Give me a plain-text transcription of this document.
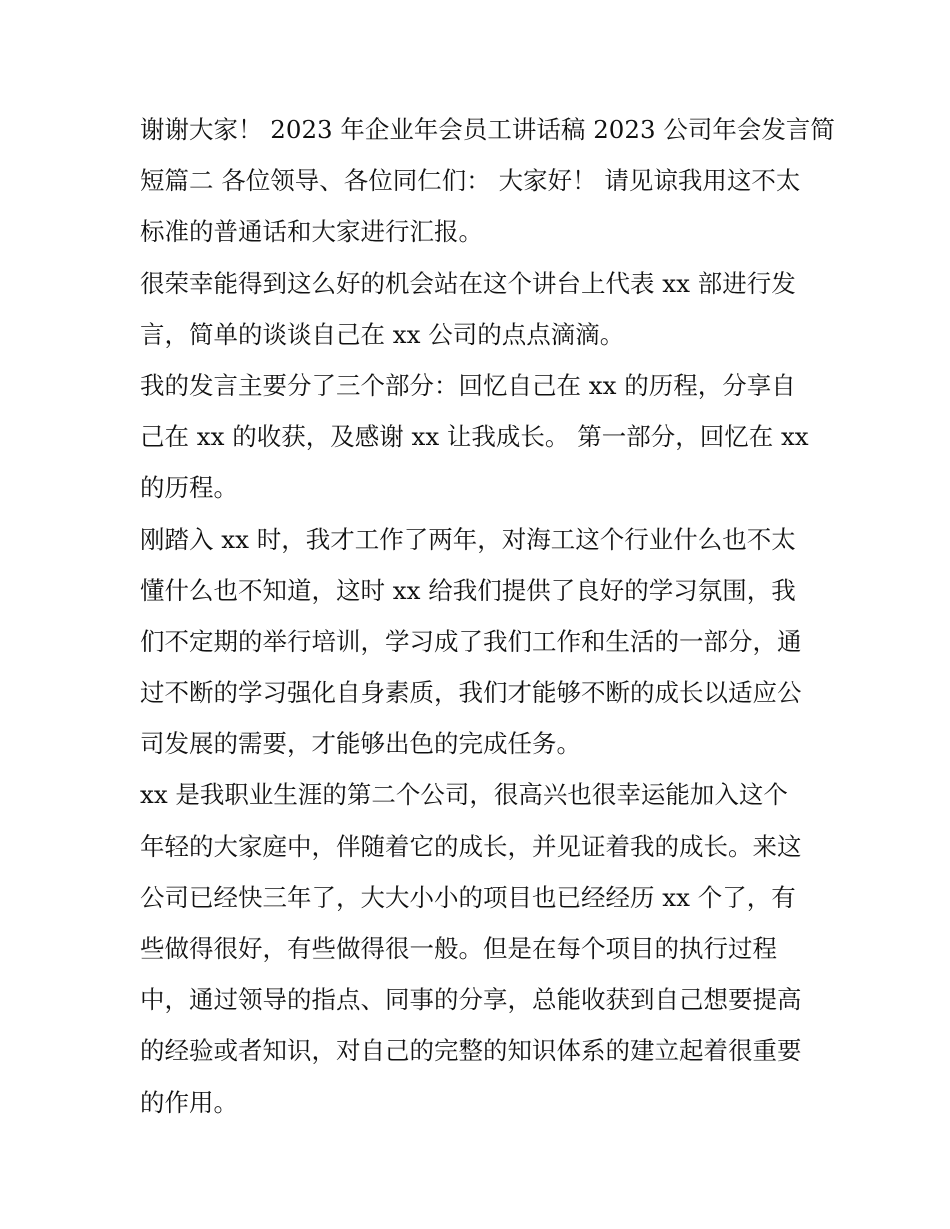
谢谢大家！ 2023 年企业年会员工讲话稿 2023 公司年会发言简
短篇二 各位领导、各位同仁们： 大家好！ 请见谅我用这不太
标准的普通话和大家进行汇报。

很荣幸能得到这么好的机会站在这个讲台上代表 xx 部进行发
言，简单的谈谈自己在 xx 公司的点点滴滴。

我的发言主要分了三个部分：回忆自己在 xx 的历程，分享自
己在 xx 的收获，及感谢 xx 让我成长。 第一部分，回忆在 xx
的历程。

刚踏入 xx 时，我才工作了两年，对海工这个行业什么也不太
懂什么也不知道，这时 xx 给我们提供了良好的学习氛围，我
们不定期的举行培训，学习成了我们工作和生活的一部分，通
过不断的学习强化自身素质，我们才能够不断的成长以适应公
司发展的需要，才能够出色的完成任务。

xx 是我职业生涯的第二个公司，很高兴也很幸运能加入这个
年轻的大家庭中，伴随着它的成长，并见证着我的成长。来这
公司已经快三年了，大大小小的项目也已经经历 xx 个了，有
些做得很好，有些做得很一般。但是在每个项目的执行过程
中，通过领导的指点、同事的分享，总能收获到自己想要提高
的经验或者知识，对自己的完整的知识体系的建立起着很重要
的作用。
